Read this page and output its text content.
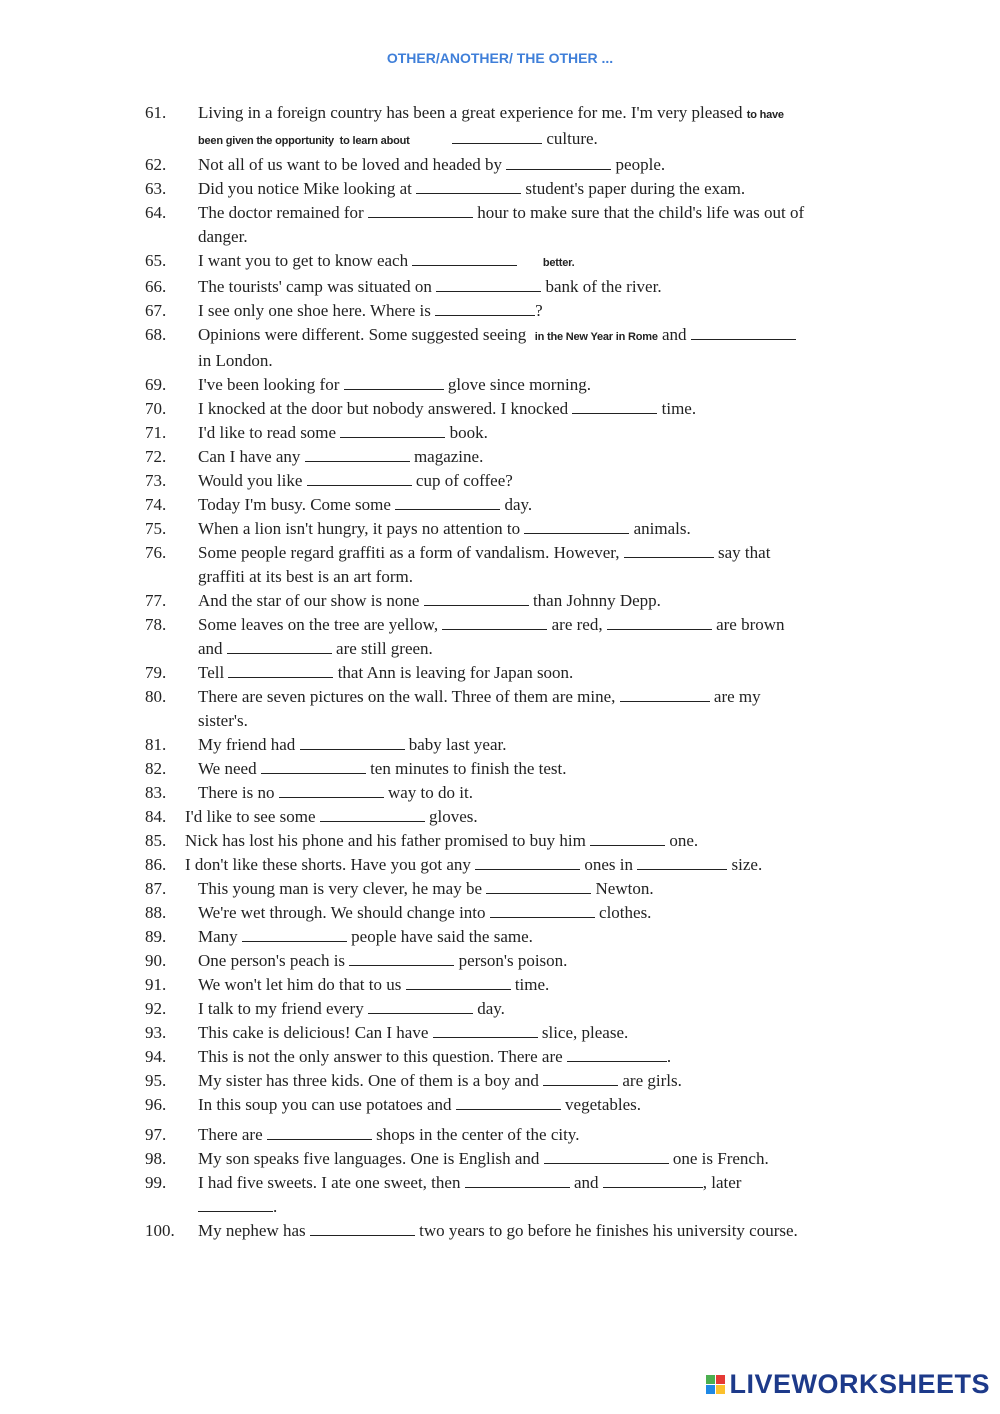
OTHER/ANOTHER/ THE OTHER ...
61.	Living in a foreign country has been a great experience for me. I'm very pleased to have been given the opportunity  to learn about	culture.
62.	Not all of us want to be loved and headed by	people.
63.	Did you notice Mike looking at	student's paper during the exam.
64.	The doctor remained for	hour to make sure that the child's life was out of danger.
65.	I want you to get to know each	better.
66.	The tourists' camp was situated on	bank of the river.
67.	I see only one shoe here. Where is	?
68.	Opinions were different. Some suggested seeing  in the New Year in Rome and	in London.
69.	I've been looking for	glove since morning.
70.	I knocked at the door but nobody answered. I knocked	time.
71.	I'd like to read some	book.
72.	Can I have any	magazine.
73.	Would you like	cup of coffee?
74.	Today I'm busy. Come some	day.
75.	When a lion isn't hungry, it pays no attention to	animals.
76.	Some people regard graffiti as a form of vandalism. However,	say that graffiti at its best is an art form.
77.	And the star of our show is none	than Johnny Depp.
78.	Some leaves on the tree are yellow,	are red,	are brown and	are still green.
79.	Tell	that Ann is leaving for Japan soon.
80.	There are seven pictures on the wall. Three of them are mine,	are my sister's.
81.	My friend had	baby last year.
82.	We need	ten minutes to finish the test.
83.	There is no	way to do it.
84.	I'd like to see some	gloves.
85.	Nick has lost his phone and his father promised to buy him	one.
86.	I don't like these shorts. Have you got any	ones in	size.
87.	This young man is very clever, he may be	Newton.
88.	We're wet through. We should change into	clothes.
89.	Many	people have said the same.
90.	One person's peach is	person's poison.
91.	We won't let him do that to us	time.
92.	I talk to my friend every	day.
93.	This cake is delicious! Can I have	slice, please.
94.	This is not the only answer to this question. There are	.
95.	My sister has three kids. One of them is a boy and	are girls.
96.	In this soup you can use potatoes and	vegetables.
97.	There are	shops in the center of the city.
98.	My son speaks five languages. One is English and	one is French.
99.	I had five sweets. I ate one sweet, then	and	, later .
100.	My nephew has	two years to go before he finishes his university course.
LIVEWORKSHEETS
